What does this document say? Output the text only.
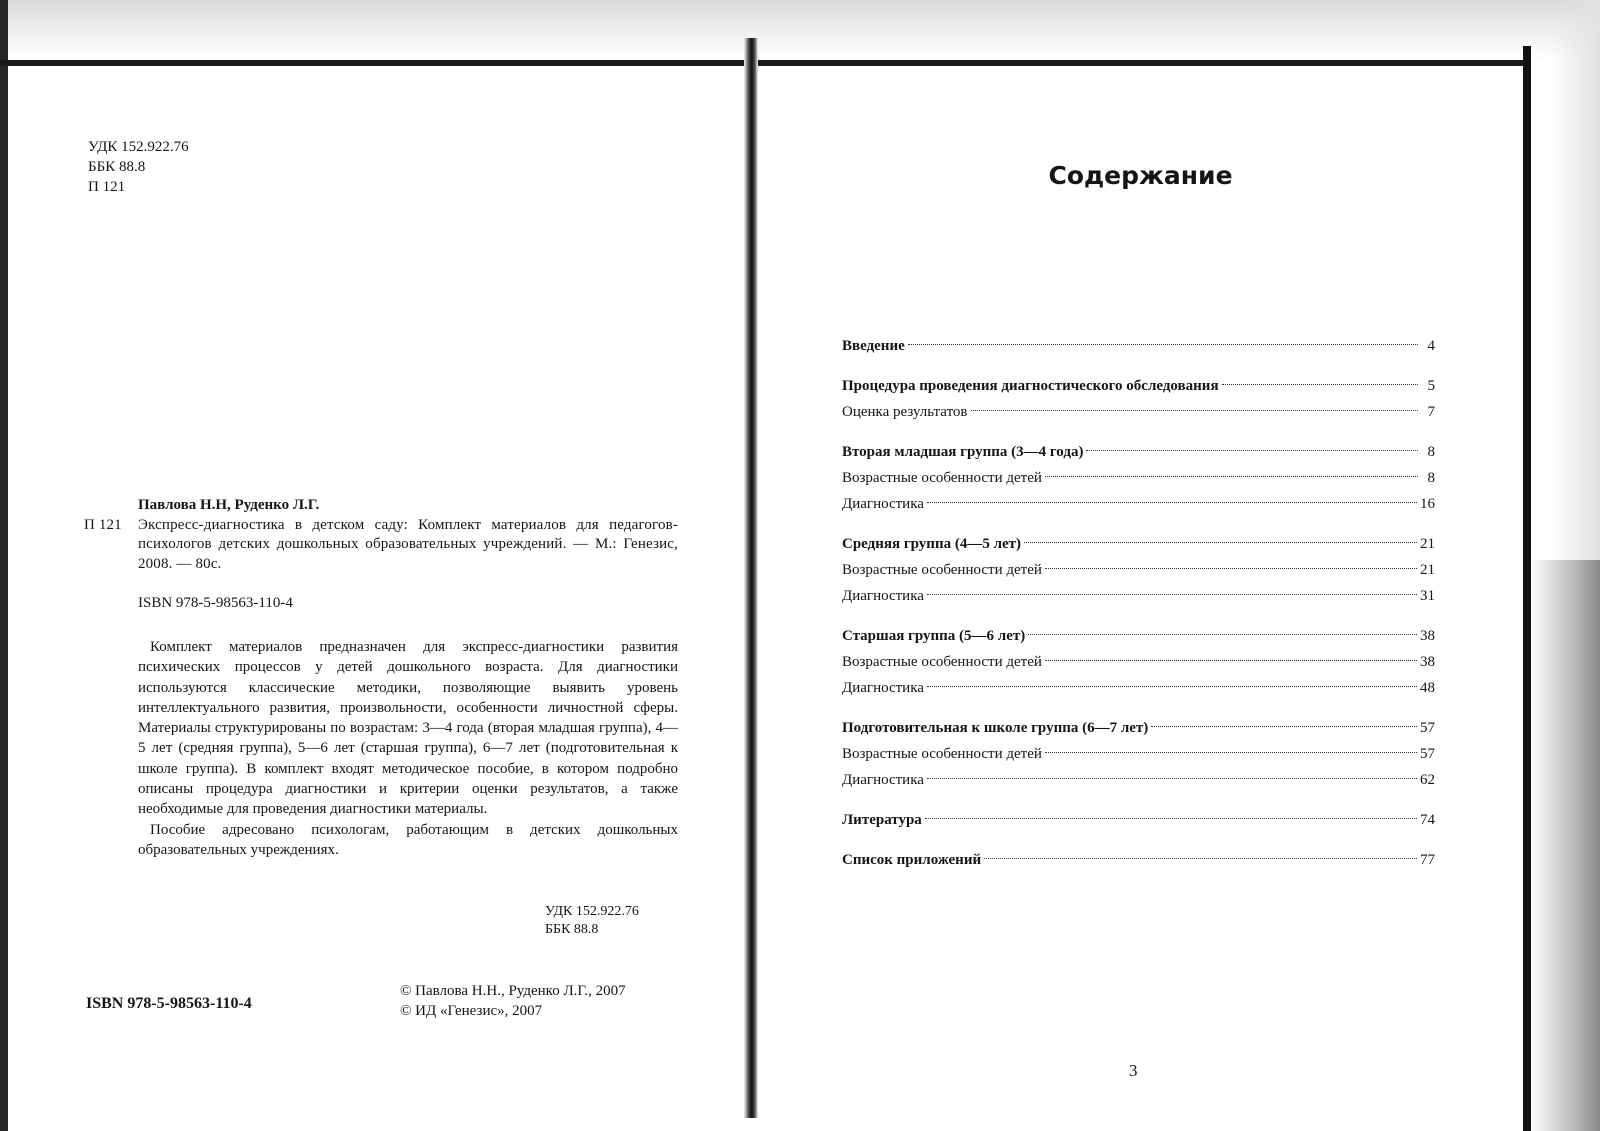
УДК 152.922.76
ББК 88.8
П 121
Павлова Н.Н, Руденко Л.Г.
П 121 Экспресс-диагностика в детском саду: Комплект материалов для педагогов-психологов детских дошкольных образовательных учреждений. — М.: Генезис, 2008. — 80с.
ISBN 978-5-98563-110-4

Комплект материалов предназначен для экспресс-диагностики развития психических процессов у детей дошкольного возраста. Для диагностики используются классические методики, позволяющие выявить уровень интеллектуального развития, произвольности, особенности личностной сферы. Материалы структурированы по возрастам: 3—4 года (вторая младшая группа), 4—5 лет (средняя группа), 5—6 лет (старшая группа), 6—7 лет (подготовительная к школе группа). В комплект входят методическое пособие, в котором подробно описаны процедура диагностики и критерии оценки результатов, а также необходимые для проведения диагностики материалы.

Пособие адресовано психологам, работающим в детских дошкольных образовательных учреждениях.

УДК 152.922.76
ББК 88.8
ISBN 978-5-98563-110-4
© Павлова Н.Н., Руденко Л.Г., 2007
© ИД «Генезис», 2007
Содержание
Введение	4
Процедура проведения диагностического обследования	5
Оценка результатов	7
Вторая младшая группа (3—4 года)	8
Возрастные особенности детей	8
Диагностика	16
Средняя группа (4—5 лет)	21
Возрастные особенности детей	21
Диагностика	31
Старшая группа (5—6 лет)	38
Возрастные особенности детей	38
Диагностика	48
Подготовительная к школе группа (6—7 лет)	57
Возрастные особенности детей	57
Диагностика	62
Литература	74
Список приложений	77
3
